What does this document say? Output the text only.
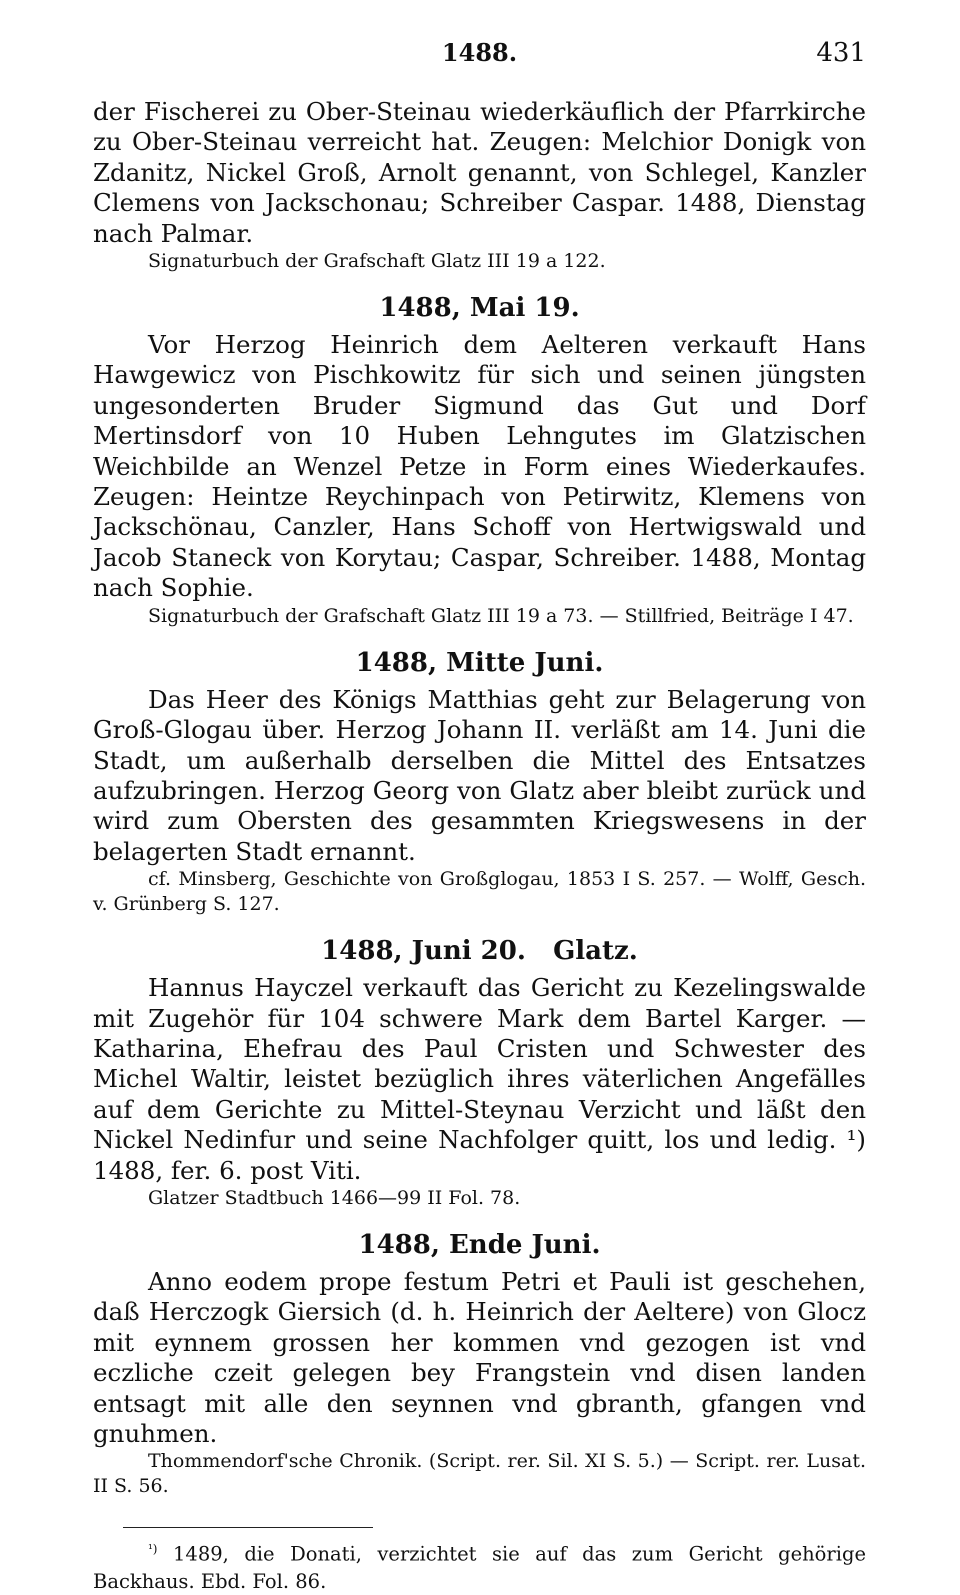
1488.	431

der Fischerei zu Ober-Steinau wiederkäuflich der Pfarrkirche zu Ober-Steinau verreicht hat. Zeugen: Melchior Donigk von Zdanitz, Nickel Groß, Arnolt genannt, von Schlegel, Kanzler Clemens von Jackschonau; Schreiber Caspar. 1488, Dienstag nach Palmar.

Signaturbuch der Grafschaft Glatz III 19 a 122.

1488, Mai 19.

Vor Herzog Heinrich dem Aelteren verkauft Hans Hawgewicz von Pischkowitz für sich und seinen jüngsten ungesonderten Bruder Sigmund das Gut und Dorf Mertinsdorf von 10 Huben Lehngutes im Glatzischen Weichbilde an Wenzel Petze in Form eines Wiederkaufes. Zeugen: Heintze Reychinpach von Petirwitz, Klemens von Jackschönau, Canzler, Hans Schoff von Hertwigswald und Jacob Staneck von Korytau; Caspar, Schreiber. 1488, Montag nach Sophie.

Signaturbuch der Grafschaft Glatz III 19 a 73. — Stillfried, Beiträge I 47.

1488, Mitte Juni.

Das Heer des Königs Matthias geht zur Belagerung von Groß-Glogau über. Herzog Johann II. verläßt am 14. Juni die Stadt, um außerhalb derselben die Mittel des Entsatzes aufzubringen. Herzog Georg von Glatz aber bleibt zurück und wird zum Obersten des gesammten Kriegswesens in der belagerten Stadt ernannt.

cf. Minsberg, Geschichte von Großglogau, 1853 I S. 257. — Wolff, Gesch. v. Grünberg S. 127.

1488, Juni 20.   Glatz.

Hannus Hayczel verkauft das Gericht zu Kezelingswalde mit Zugehör für 104 schwere Mark dem Bartel Karger. — Katharina, Ehefrau des Paul Cristen und Schwester des Michel Waltir, leistet bezüglich ihres väterlichen Angefälles auf dem Gerichte zu Mittel-Steynau Verzicht und läßt den Nickel Nedinfur und seine Nachfolger quitt, los und ledig. ¹) 1488, fer. 6. post Viti.

Glatzer Stadtbuch 1466—99 II Fol. 78.

1488, Ende Juni.

Anno eodem prope festum Petri et Pauli ist geschehen, daß Herczogk Giersich (d. h. Heinrich der Aeltere) von Glocz mit eynnem grossen her kommen vnd gezogen ist vnd eczliche czeit gelegen bey Frangstein vnd disen landen entsagt mit alle den seynnen vnd gbranth, gfangen vnd gnuhmen.

Thommendorf'sche Chronik. (Script. rer. Sil. XI S. 5.) — Script. rer. Lusat. II S. 56.

$^{^1)}$ 1489, die Donati, verzichtet sie auf das zum Gericht gehörige Backhaus. Ebd. Fol. 86.
